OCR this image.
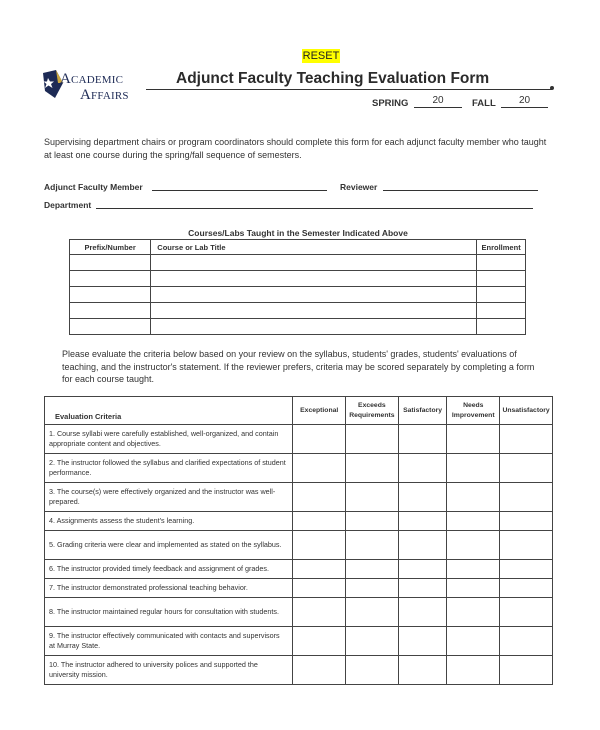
RESET
Academic
Affairs
Adjunct Faculty Teaching Evaluation Form
SPRING	20	FALL	20
Supervising department chairs or program coordinators should complete this form for each adjunct faculty member who taught at least one course during the spring/fall sequence of semesters.
Adjunct Faculty Member	Reviewer
Department
Courses/Labs Taught in the Semester Indicated Above
Prefix/Number	Course or Lab Title	Enrollment

Please evaluate the criteria below based on your review on the syllabus, students' grades, students' evaluations of teaching, and the instructor's statement. If the reviewer prefers, criteria may be scored separately by completing a form for each course taught.
Evaluation Criteria	Exceptional	Exceeds Requirements	Satisfactory	Needs Improvement	Unsatisfactory
1. Course syllabi were carefully established, well-organized, and contain appropriate content and objectives.					
2. The instructor followed the syllabus and clarified expectations of student performance.					
3. The course(s) were effectively organized and the instructor was well-prepared.					
4. Assignments assess the student's learning.					
5. Grading criteria were clear and implemented as stated on the syllabus.					
6. The instructor provided timely feedback and assignment of grades.					
7. The instructor demonstrated professional teaching behavior.					
8. The instructor maintained regular hours for consultation with students.					
9. The instructor effectively communicated with contacts and supervisors at Murray State.					
10. The instructor adhered to university polices and supported the university mission.					
